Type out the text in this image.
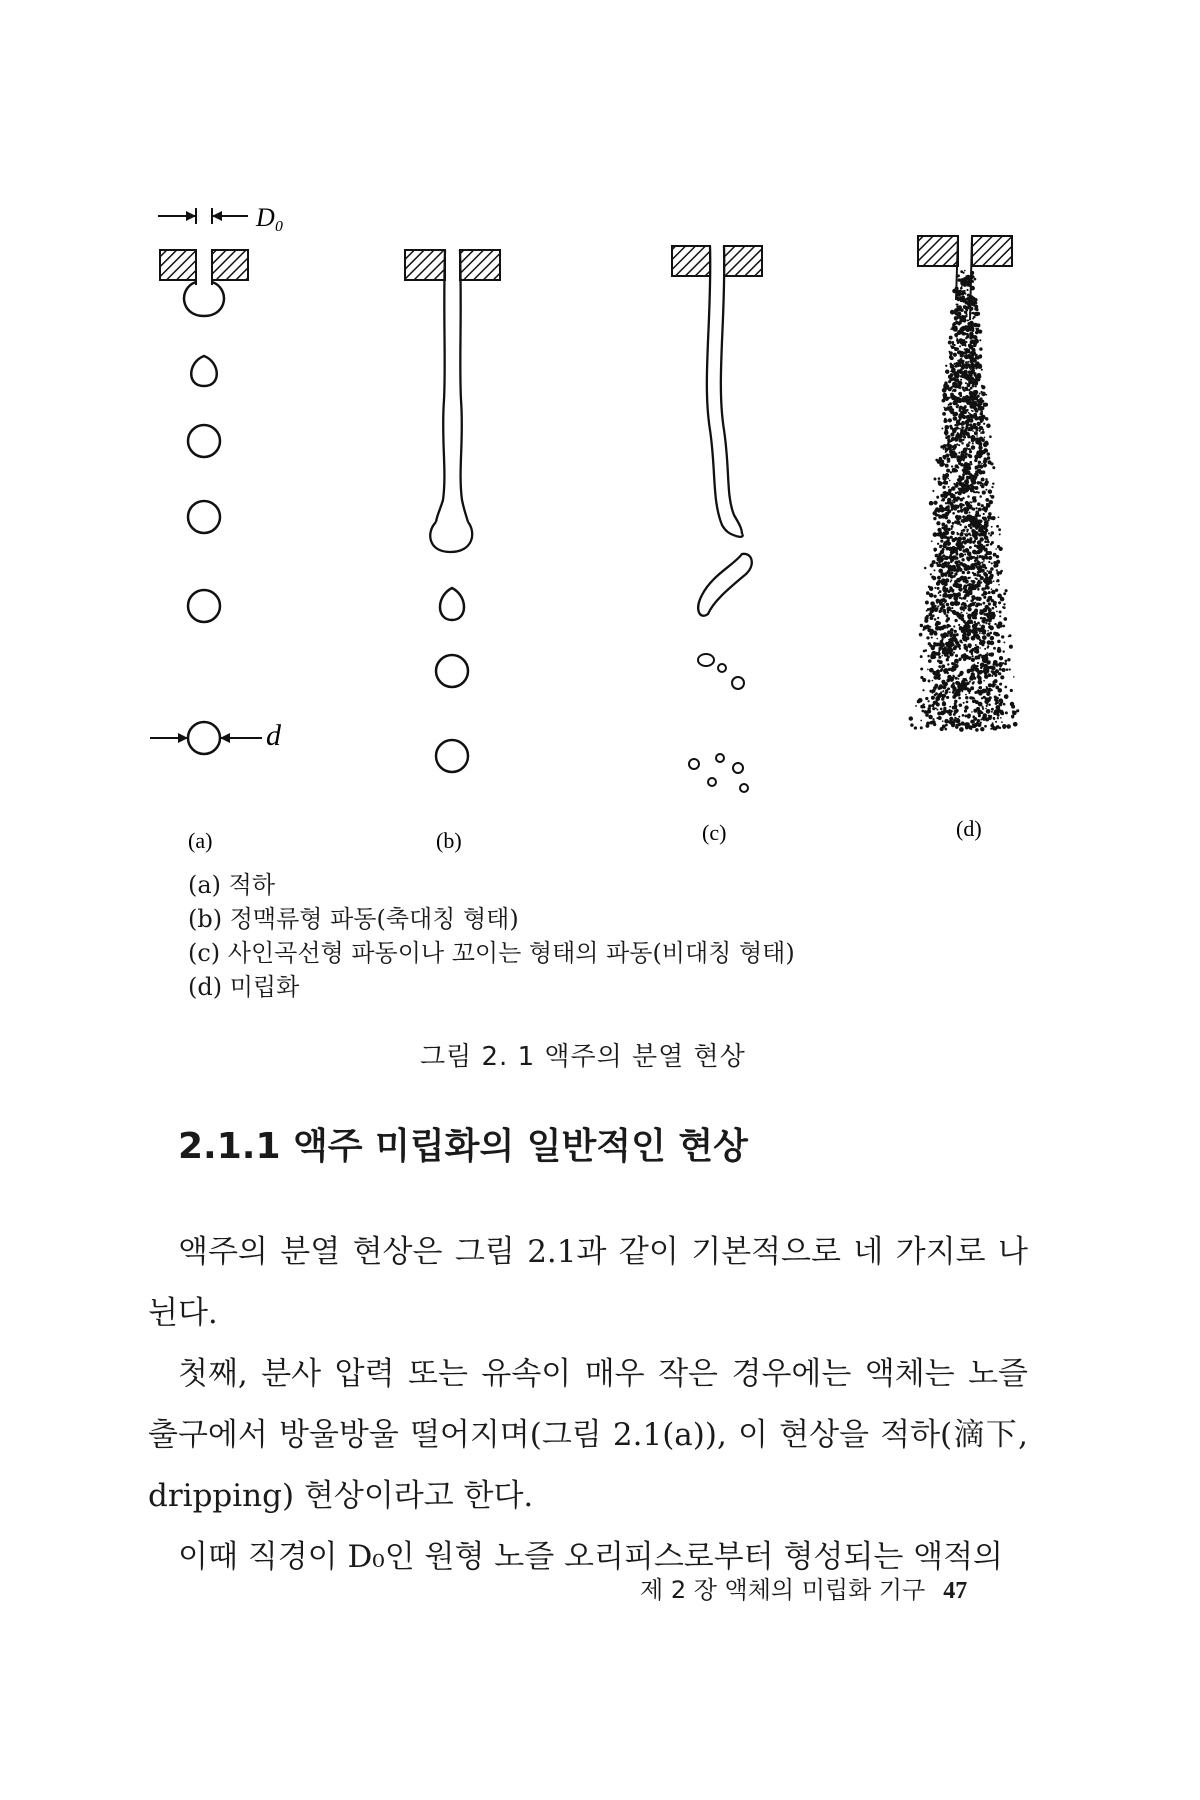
D₀
d
(a)	(b)	(c)	(d)
(a) 적하
(b) 정맥류형 파동(축대칭 형태)
(c) 사인곡선형 파동이나 꼬이는 형태의 파동(비대칭 형태)
(d) 미립화
그림 2. 1 액주의 분열 현상
2.1.1 액주 미립화의 일반적인 현상

액주의 분열 현상은 그림 2.1과 같이 기본적으로 네 가지로 나뉜다.

첫째, 분사 압력 또는 유속이 매우 작은 경우에는 액체는 노즐 출구에서 방울방울 떨어지며(그림 2.1(a)), 이 현상을 적하(滴下, dripping) 현상이라고 한다.

이때 직경이 D₀인 원형 노즐 오리피스로부터 형성되는 액적의

제 2 장 액체의 미립화 기구 47
